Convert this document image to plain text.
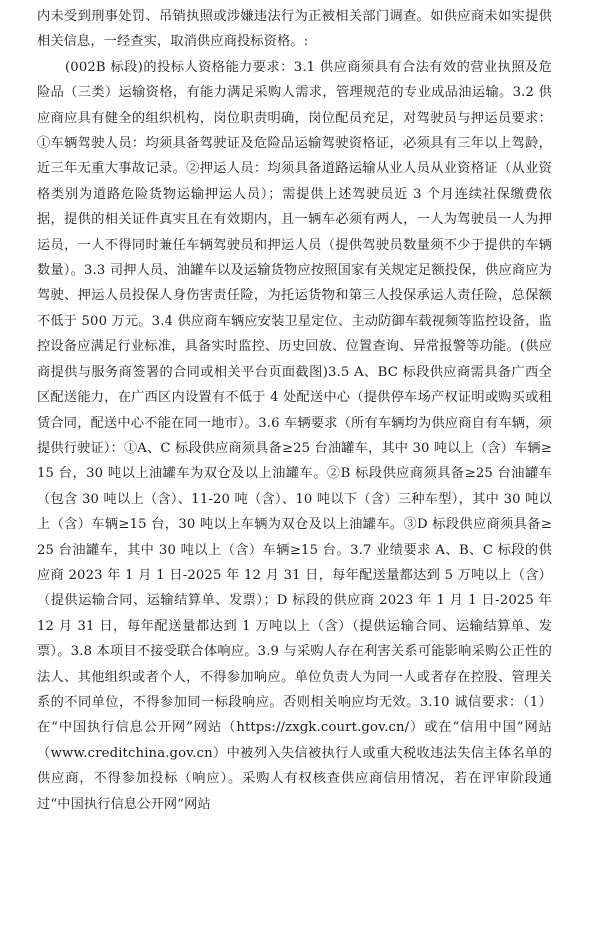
内未受到刑事处罚、吊销执照或涉嫌违法行为正被相关部门调查。如供应商未如实提供相关信息，一经查实，取消供应商投标资格。:

(002B 标段)的投标人资格能力要求：3.1 供应商须具有合法有效的营业执照及危险品（三类）运输资格，有能力满足采购人需求，管理规范的专业成品油运输。3.2 供应商应具有健全的组织机构，岗位职责明确，岗位配员充足，对驾驶员与押运员要求：①车辆驾驶人员：均须具备驾驶证及危险品运输驾驶资格证，必须具有三年以上驾龄，近三年无重大事故记录。②押运人员：均须具备道路运输从业人员从业资格证（从业资格类别为道路危险货物运输押运人员）；需提供上述驾驶员近 3 个月连续社保缴费依据，提供的相关证件真实且在有效期内，且一辆车必须有两人，一人为驾驶员一人为押运员，一人不得同时兼任车辆驾驶员和押运人员（提供驾驶员数量须不少于提供的车辆数量）。3.3 司押人员、油罐车以及运输货物应按照国家有关规定足额投保，供应商应为驾驶、押运人员投保人身伤害责任险，为托运货物和第三人投保承运人责任险，总保额不低于 500 万元。3.4 供应商车辆应安装卫星定位、主动防御车载视频等监控设备，监控设备应满足行业标准，具备实时监控、历史回放、位置查询、异常报警等功能。(供应商提供与服务商签署的合同或相关平台页面截图)3.5 A、BC 标段供应商需具备广西全区配送能力，在广西区内设置有不低于 4 处配送中心（提供停车场产权证明或购买或租赁合同，配送中心不能在同一地市）。3.6 车辆要求（所有车辆均为供应商自有车辆，须提供行驶证）：①A、C 标段供应商须具备≥25 台油罐车，其中 30 吨以上（含）车辆≥15 台，30 吨以上油罐车为双仓及以上油罐车。②B 标段供应商须具备≥25 台油罐车（包含 30 吨以上（含）、11-20 吨（含）、10 吨以下（含）三种车型），其中 30 吨以上（含）车辆≥15 台，30 吨以上车辆为双仓及以上油罐车。③D 标段供应商须具备≥25 台油罐车，其中 30 吨以上（含）车辆≥15 台。3.7 业绩要求 A、B、C 标段的供应商 2023 年 1 月 1 日-2025 年 12 月 31 日，每年配送量都达到 5 万吨以上（含）（提供运输合同、运输结算单、发票）；D 标段的供应商 2023 年 1 月 1 日-2025 年 12 月 31 日，每年配送量都达到 1 万吨以上（含）（提供运输合同、运输结算单、发票）。3.8 本项目不接受联合体响应。3.9 与采购人存在利害关系可能影响采购公正性的法人、其他组织或者个人，不得参加响应。单位负责人为同一人或者存在控股、管理关系的不同单位，不得参加同一标段响应。否则相关响应均无效。3.10 诚信要求：（1）在“中国执行信息公开网”网站（https://zxgk.court.gov.cn/）或在“信用中国”网站（www.creditchina.gov.cn）中被列入失信被执行人或重大税收违法失信主体名单的供应商，不得参加投标（响应）。采购人有权核查供应商信用情况，若在评审阶段通过“中国执行信息公开网”网站
